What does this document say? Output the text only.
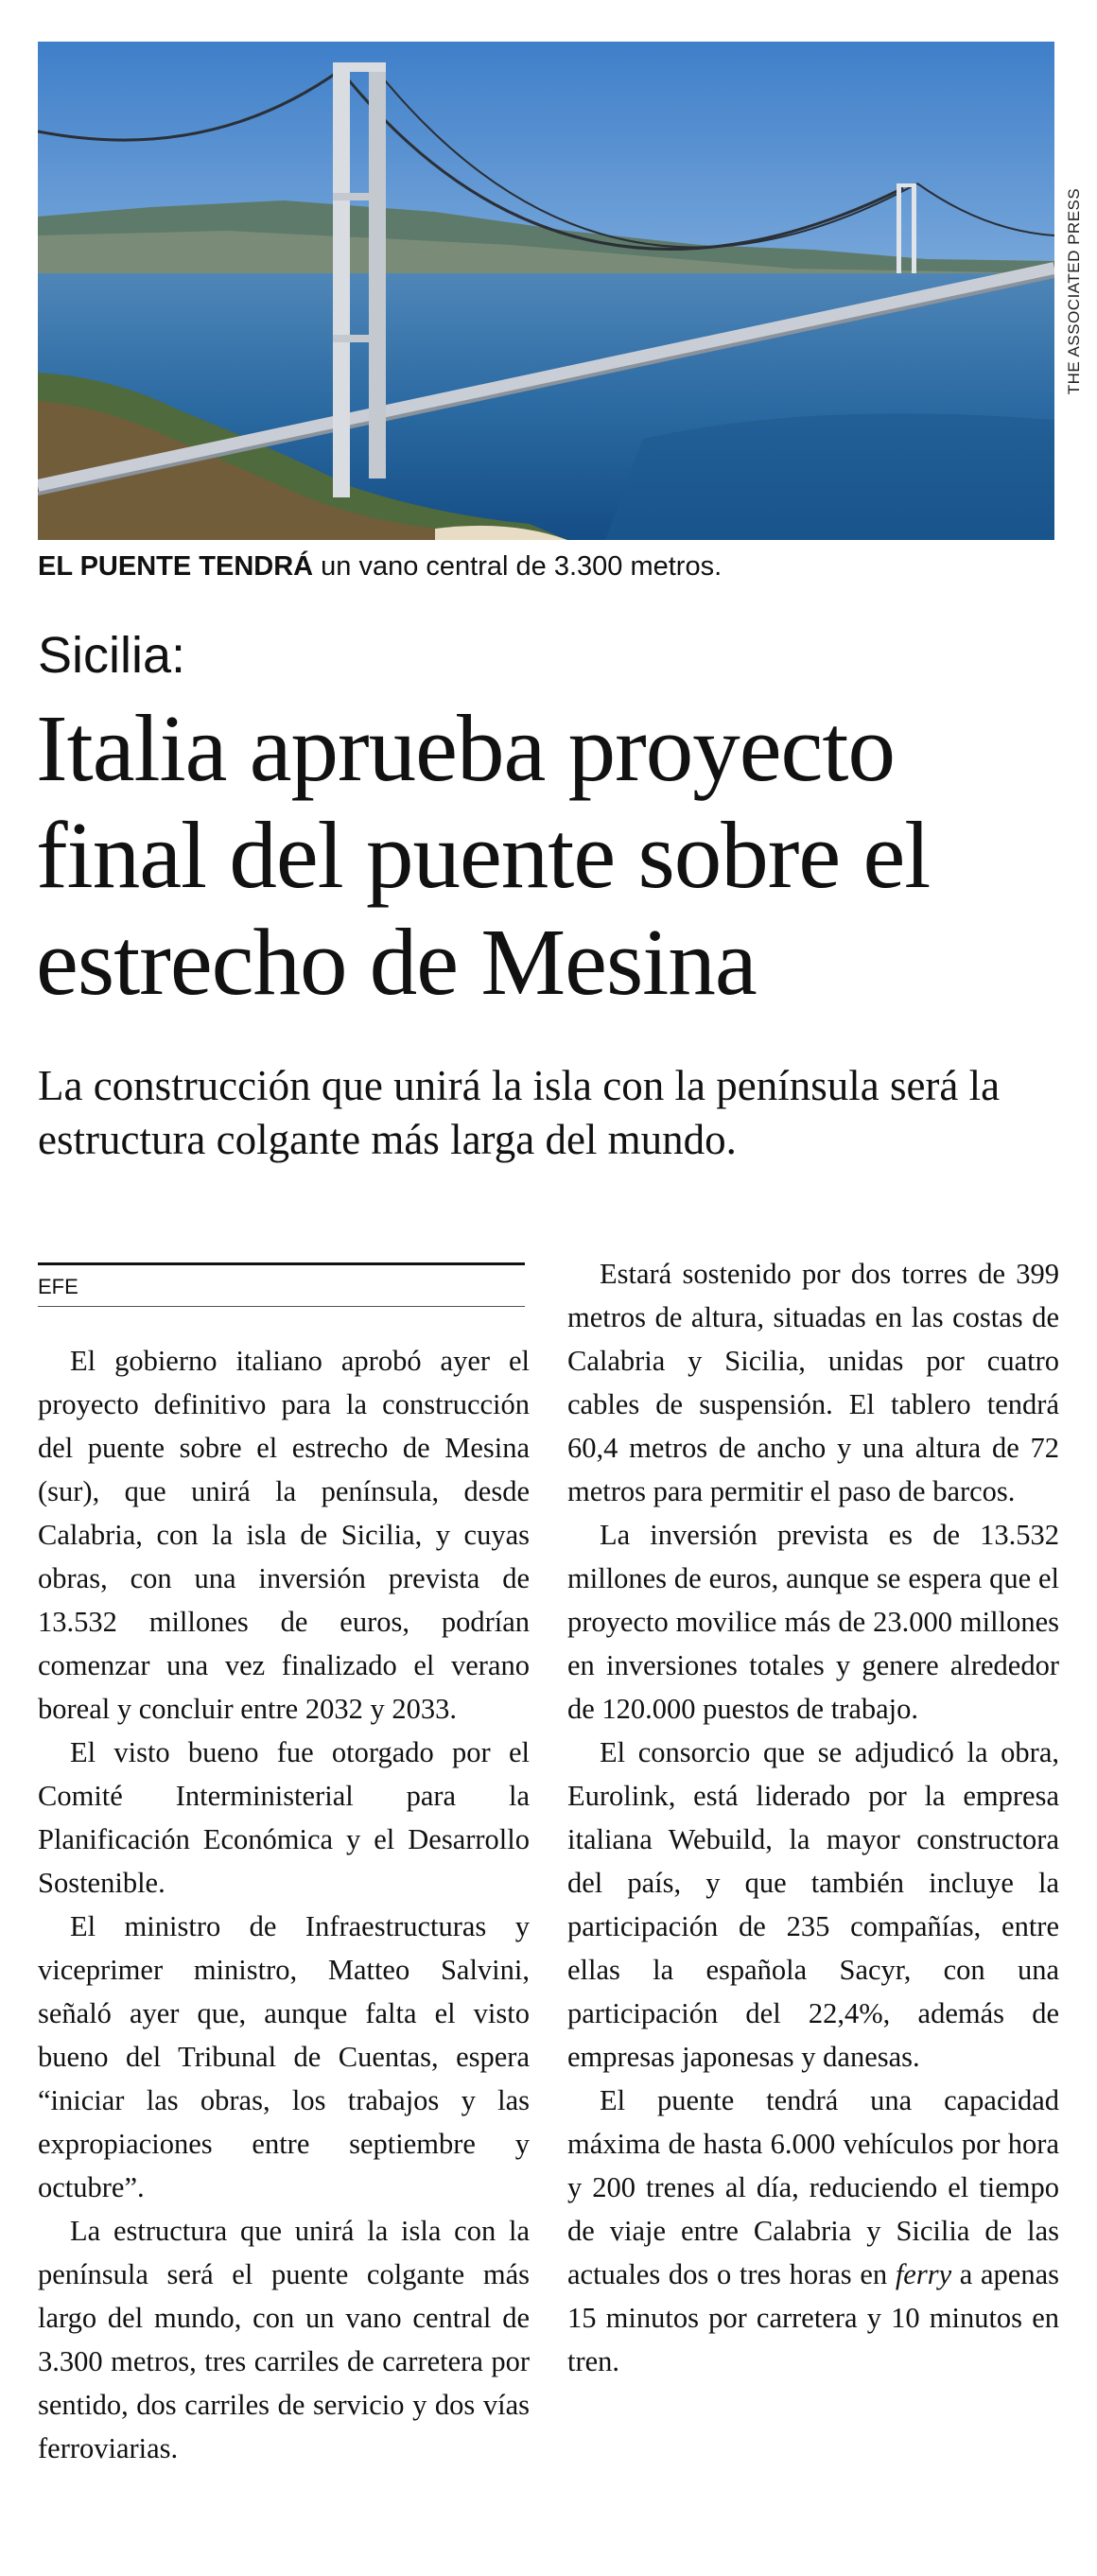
THE ASSOCIATED PRESS
EL PUENTE TENDRÁ un vano central de 3.300 metros.
Sicilia:
Italia aprueba proyecto final del puente sobre el estrecho de Mesina

La construcción que unirá la isla con la península será la estructura colgante más larga del mundo.

EFE

El gobierno italiano aprobó ayer el proyecto definitivo para la construcción del puente sobre el estrecho de Mesina (sur), que unirá la península, desde Calabria, con la isla de Sicilia, y cuyas obras, con una inversión prevista de 13.532 millones de euros, podrían comenzar una vez finalizado el verano boreal y concluir entre 2032 y 2033.

El visto bueno fue otorgado por el Comité Interministerial para la Planificación Económica y el Desarrollo Sostenible.

El ministro de Infraestructuras y viceprimer ministro, Matteo Salvini, señaló ayer que, aunque falta el visto bueno del Tribunal de Cuentas, espera “iniciar las obras, los trabajos y las expropiaciones entre septiembre y octubre”.

La estructura que unirá la isla con la península será el puente colgante más largo del mundo, con un vano central de 3.300 metros, tres carriles de carretera por sentido, dos carriles de servicio y dos vías ferroviarias.

Estará sostenido por dos torres de 399 metros de altura, situadas en las costas de Calabria y Sicilia, unidas por cuatro cables de suspensión. El tablero tendrá 60,4 metros de ancho y una altura de 72 metros para permitir el paso de barcos.

La inversión prevista es de 13.532 millones de euros, aunque se espera que el proyecto movilice más de 23.000 millones en inversiones totales y genere alrededor de 120.000 puestos de trabajo.

El consorcio que se adjudicó la obra, Eurolink, está liderado por la empresa italiana Webuild, la mayor constructora del país, y que también incluye la participación de 235 compañías, entre ellas la española Sacyr, con una participación del 22,4%, además de empresas japonesas y danesas.

El puente tendrá una capacidad máxima de hasta 6.000 vehículos por hora y 200 trenes al día, reduciendo el tiempo de viaje entre Calabria y Sicilia de las actuales dos o tres horas en ferry a apenas 15 minutos por carretera y 10 minutos en tren.
